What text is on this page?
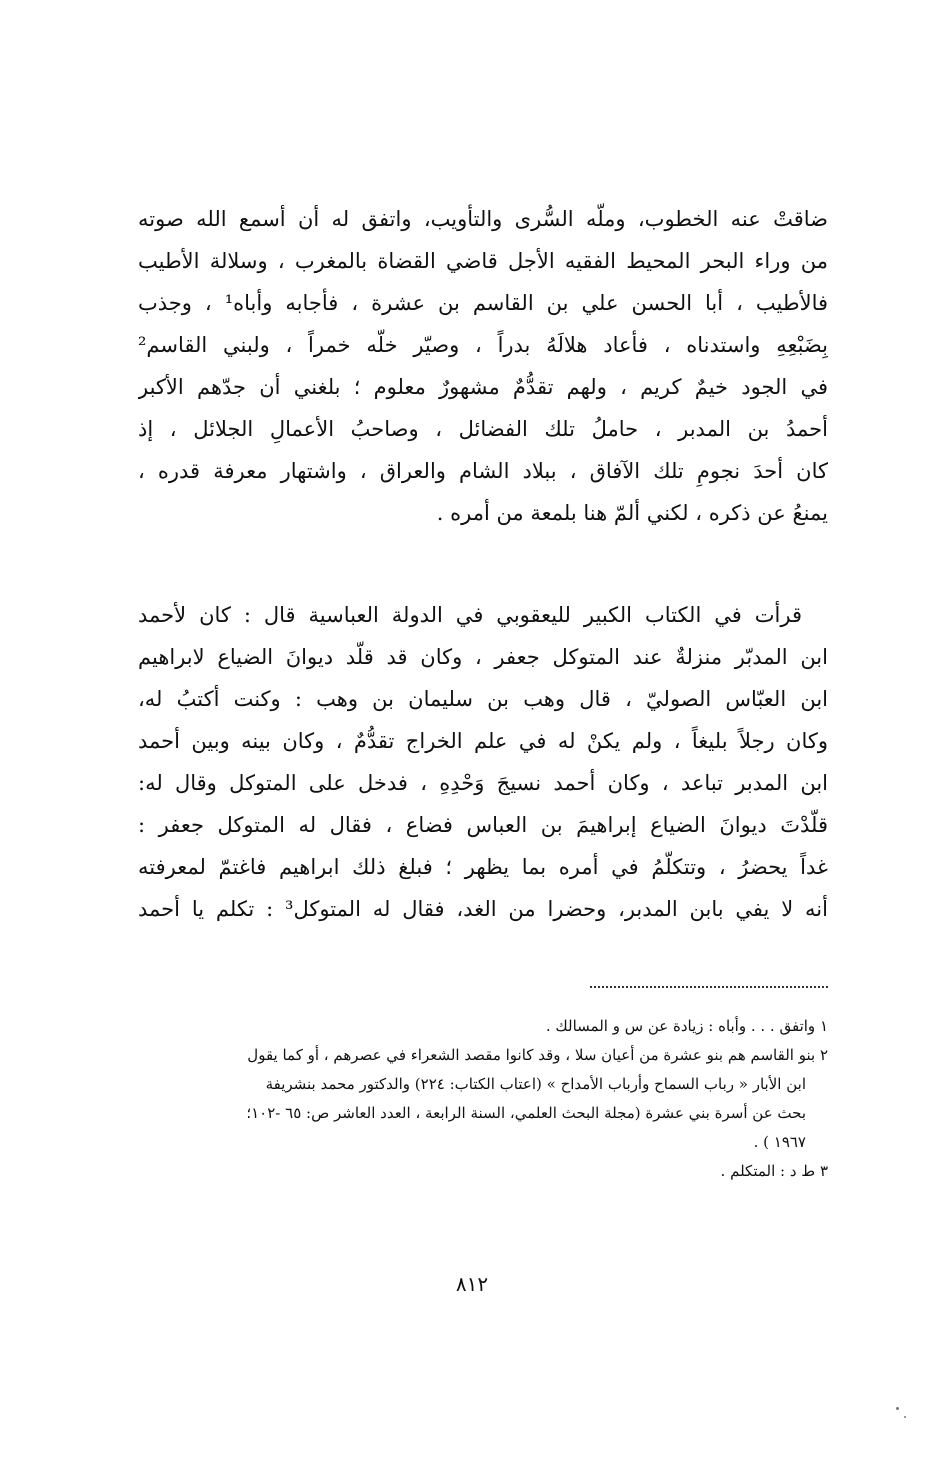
ضاقتْ عنه الخطوب، وملّه السُّرى والتأويب، واتفق له أن أسمع الله صوته
من وراء البحر المحيط الفقيه الأجل قاضي القضاة بالمغرب ، وسلالة الأطيب
فالأطيب ، أبا الحسن علي بن القاسم بن عشرة ، فأجابه وأباه¹ ، وجذب
بِضَبْعِهِ واستدناه ، فأعاد هلالَهُ بدراً ، وصيّر خلّه خمراً ، ولبني القاسم²
في الجود خيمٌ كريم ، ولهم تقدُّمٌ مشهورٌ معلوم ؛ بلغني أن جدّهم الأكبر
أحمدُ بن المدبر ، حاملُ تلك الفضائل ، وصاحبُ الأعمالِ الجلائل ، إذ
كان أحدَ نجومِ تلك الآفاق ، ببلاد الشام والعراق ، واشتهار معرفة قدره ،
يمنعُ عن ذكره ، لكني ألمّ هنا بلمعة من أمره .
قرأت في الكتاب الكبير لليعقوبي في الدولة العباسية قال : كان لأحمد
ابن المدبّر منزلةٌ عند المتوكل جعفر ، وكان قد قلّد ديوانَ الضياع لابراهيم
ابن العبّاس الصوليّ ، قال وهب بن سليمان بن وهب : وكنت أكتبُ له،
وكان رجلاً بليغاً ، ولم يكنْ له في علم الخراج تقدُّمٌ ، وكان بينه وبين أحمد
ابن المدبر تباعد ، وكان أحمد نسيجَ وَحْدِهِ ، فدخل على المتوكل وقال له:
قلّدْتَ ديوانَ الضياع إبراهيمَ بن العباس فضاع ، فقال له المتوكل جعفر :
غداً يحضرُ ، وتتكلّمُ في أمره بما يظهر ؛ فبلغ ذلك ابراهيم فاغتمّ لمعرفته
أنه لا يفي بابن المدبر، وحضرا من الغد، فقال له المتوكل³ : تكلم يا أحمد
١ واتفق . . . وأباه : زيادة عن س و المسالك .
٢ بنو القاسم هم بنو عشرة من أعيان سلا ، وقد كانوا مقصد الشعراء في عصرهم ، أو كما يقول
ابن الأبار « رباب السماح وأرباب الأمداح » (اعتاب الكتاب: ٢٢٤) والدكتور محمد بنشريفة
بحث عن أسرة بني عشرة (مجلة البحث العلمي، السنة الرابعة ، العدد العاشر ص: ٦٥ -١٠٢؛
١٩٦٧ ) .
٣ ط د : المتكلم .
٨١٢
